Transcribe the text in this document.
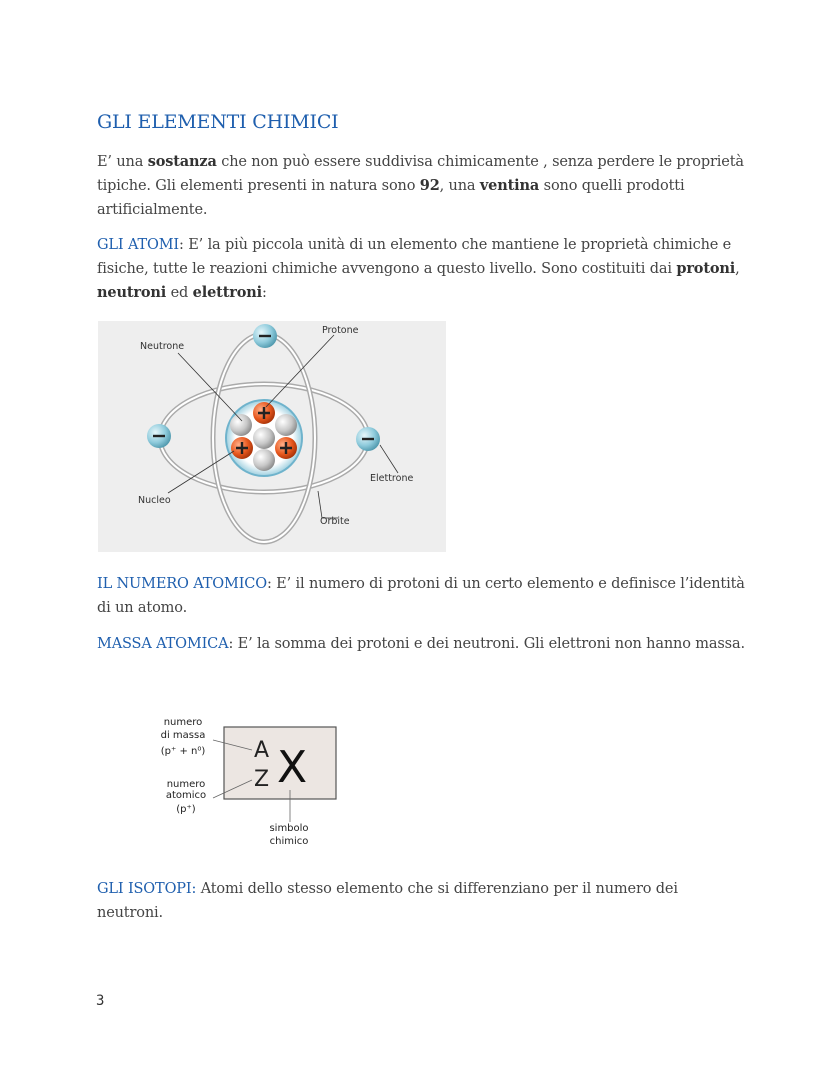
GLI ELEMENTI CHIMICI

E’ una sostanza che non può essere suddivisa chimicamente , senza perdere le proprietà tipiche. Gli elementi presenti in natura sono 92, una ventina sono quelli prodotti artificialmente.

GLI ATOMI: E’ la più piccola unità di un elemento che mantiene le proprietà chimiche e fisiche, tutte le reazioni chimiche avvengono a questo livello. Sono costituiti dai protoni, neutroni ed elettroni:

Neutrone
Protone
Elettrone
Nucleo
Orbite

IL NUMERO ATOMICO: E’ il numero di protoni di un certo elemento e definisce l’identità di un atomo.

MASSA ATOMICA: E’ la somma dei protoni e dei neutroni. Gli elettroni non hanno massa.

A
Z X
numero
di massa
(p⁺ + n⁰)
numero
atomico
(p⁺)
simbolo
chimico

GLI ISOTOPI: Atomi dello stesso elemento che si differenziano per il numero dei neutroni.

3
